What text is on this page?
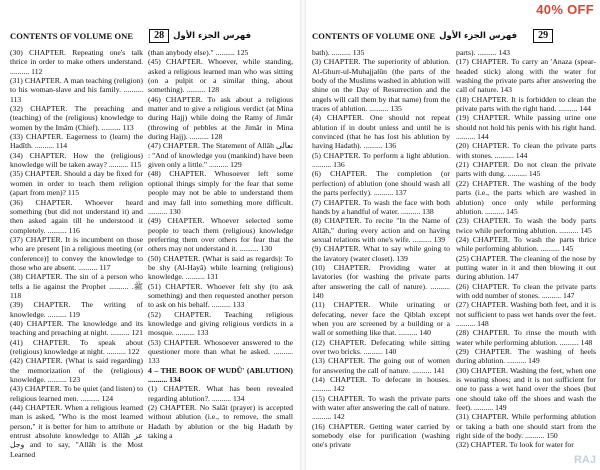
40% OFF
CONTENTS OF VOLUME ONE	28	فهرس الجزء الأول

(30) CHAPTER. Repeating one's talk thrice in order to make others understand. .......... 112

(31) CHAPTER. A man teaching (religion) to his woman-slave and his family. .......... 113

(32) CHAPTER. The preaching and (teaching) of the (religious) knowledge to women by the Imâm (Chief). .......... 113

(33) CHAPTER. Eagerness to (learn) the Hadîth. .......... 114

(34) CHAPTER. How the (religious) knowledge will be taken away? .......... 115

(35) CHAPTER. Should a day be fixed for women in order to teach them religion (apart from men)? 115

(36) CHAPTER. Whoever heard something (but did not understand it) and then asked again till he understood it completely. .......... 116

(37) CHAPTER. It is incumbent on those who are present [in a religious meeting (or conference)] to convey the knowledge to those who are absent. .......... 117

(38) CHAPTER. The sin of a person who tells a lie against the Prophet ﷺ. .......... 118

(39) CHAPTER. The writing of knowledge. .......... 119

(40) CHAPTER. The knowledge and its teaching and preaching at night. .......... 121

(41) CHAPTER. To speak about (religious) knowledge at night. .......... 122

(42) CHAPTER. (What is said regarding) the memorization of the (religious) knowledge. .......... 123

(43) CHAPTER. To be quiet (and listen) to religious learned men. .......... 124

(44) CHAPTER. When a religious learned man is asked, "Who is the most learned person," it is better for him to attribute or entrust absolute knowledge to Allâh عز وجل and to say, "Allâh is the Most Learned

(than anybody else)." .......... 125

(45) CHAPTER. Whoever, while standing, asked a religious learned man who was sitting (on a pulpit or a similar thing, about something). .......... 128

(46) CHAPTER. To ask about a religious matter and to give a religious verdict (at Mina during Hajj) while doing the Ramy of Jimâr (throwing of pebbles at the Jimâr in Mina during Hajj). .......... 128

(47) CHAPTER. The Statement of Allâh تعالى : "And of knowledge you (mankind) have been given only a little." .......... 129

(48) CHAPTER. Whosoever left some optional things simply for the fear that some people may not be able to understand them and may fall into something more difficult. .......... 130

(49) CHAPTER. Whoever selected some people to teach them (religious) knowledge preferring them over others for fear that the others may not understand it. .......... 130

(50) CHAPTER. (What is said as regards): To be shy (Al-Hayâ) while learning (religious) knowledge. .......... 131

(51) CHAPTER. Whoever felt shy (to ask something) and then requested another person to ask on his behalf. .......... 133

(52) CHAPTER. Teaching religious knowledge and giving religious verdicts in a mosque. .......... 133

(53) CHAPTER. Whosoever answered to the questioner more than what he asked. .......... 133

4 – THE BOOK OF WUDÛ' (ABLUTION) .......... 134

(1) CHAPTER. What has been revealed regarding ablution?. .......... 134

(2) CHAPTER. No Salât (prayer) is accepted without ablution (i.e., to remove, the small Hadath by ablution or the big Hadath by taking a

CONTENTS OF VOLUME ONE فهرس الجزء الأول	29

bath). .......... 135

(3) CHAPTER. The superiority of ablution. Al-Ghurr-ul-Muhajjalûn (the parts of the body of the Muslims washed in ablution will shine on the Day of Resurrection and the angels will call them by that name) from the traces of ablution. .......... 135

(4) CHAPTER. One should not repeat ablution if in doubt unless and until he is convinced (that he has lost his ablution by having Hadath). .......... 136

(5) CHAPTER. To perform a light ablution. .......... 136

(6) CHAPTER. The completion (or perfection) of ablution (one should wash all the parts perfectly). .......... 137

(7) CHAPTER. To wash the face with both hands by a handful of water. .......... 138

(8) CHAPTER. To recite "In the Name of Allâh," during every action and on having sexual relations with one's wife. .......... 139

(9) CHAPTER. What to say while going to the lavatory (water closet). 139

(10) CHAPTER. Providing water at lavatories (for washing the private parts after answering the call of nature). .......... 140

(11) CHAPTER. While urinating or defecating, never face the Qiblah except when you are screened by a building or a wall or something like that. .......... 140

(12) CHAPTER. Defecating while sitting over two bricks. .......... 140

(13) CHAPTER. The going out of women for answering the call of nature. .......... 141

(14) CHAPTER. To defecate in houses. .......... 142

(15) CHAPTER. To wash the private parts with water after answering the call of nature. .......... 142

(16) CHAPTER. Getting water carried by somebody else for purification (washing one's private

parts). .......... 143

(17) CHAPTER. To carry an 'Anaza (spear-headed stick) along with the water for washing the private parts after answering the call of nature. 143

(18) CHAPTER. It is forbidden to clean the private parts with the right hand. .......... 144

(19) CHAPTER. While passing urine one should not hold his penis with his right hand. .......... 144

(20) CHAPTER. To clean the private parts with stones. .......... 144

(21) CHAPTER. Do not clean the private parts with dung. .......... 145

(22) CHAPTER. The washing of the body parts (i.e., the parts which are washed in ablution) once only while performing ablution. .......... 145

(23) CHAPTER. To wash the body parts twice while performing ablution. .......... 145

(24) CHAPTER. To wash the parts thrice while performing ablution. .......... 145

(25) CHAPTER. The cleaning of the nose by putting water in it and then blowing it out during ablution. 147

(26) CHAPTER. To clean the private parts with odd number of stones. .......... 147

(27) CHAPTER. Washing both feet, and it is not sufficient to pass wet hands over the feet. .......... 148

(28) CHAPTER. To rinse the mouth with water while performing ablution. .......... 148

(29) CHAPTER. The washing of heels during ablution. .......... 149

(30) CHAPTER. Washing the feet, when one is wearing shoes; and it is not sufficient for one to pass a wet hand over the shoes (but one should take off the shoes and wash the feet). .......... 149

(31) CHAPTER. While performing ablution or taking a bath one should start from the right side of the body. .......... 150

(32) CHAPTER. To look for water for

RAJ
